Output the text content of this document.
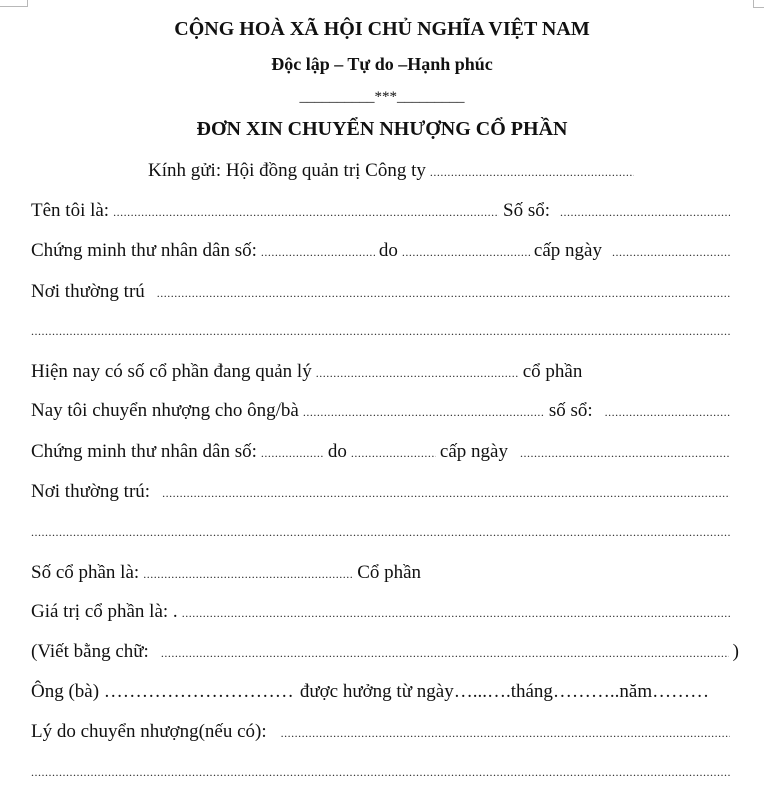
CỘNG HOÀ XÃ HỘI CHỦ NGHĨA VIỆT NAM
Độc lập – Tự do –Hạnh phúc
__________***_________
ĐƠN XIN CHUYỂN NHƯỢNG CỔ PHẦN
Kính gửi: Hội đồng quản trị Công ty
.....
Tên tôi là: .....	Số sổ:
.....
Chứng minh thư nhân dân số: .....	do .....	cấp ngày
.....
Nơi thường trú
.....
.....
Hiện nay có số cổ phần đang quản lý .....	cổ phần
Nay tôi chuyển nhượng cho ông/bà .....	số sổ:
.....
Chứng minh thư nhân dân số: .....	do .....	cấp ngày
.....
Nơi thường trú:
.....
.....
Số cổ phần là: .....	Cổ phần
Giá trị cổ phần là: .
.....
(Viết bằng chữ: .....	)
Ông (bà) ………………………… được hưởng từ ngày…...….tháng………..năm………
Lý do chuyển nhượng(nếu có):
.....
.....
